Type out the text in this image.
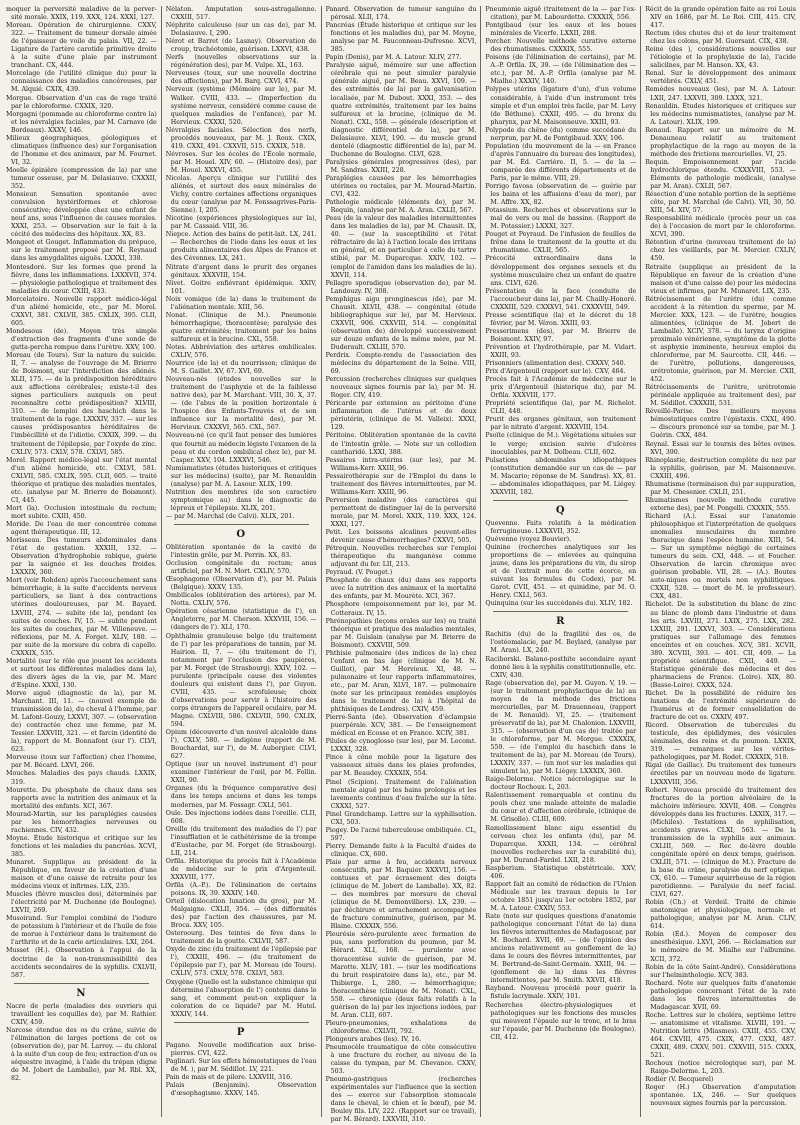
moquer la perversité maladive de la perver-sité morale. XXIX, 119. XXX, 124. XXXI, 127.

Moreau. Opération de chirurgienne. CXXV, 322. — Traitement de tumeur dorsale aimée de l'épaisseur de voile du palais. VII, 22. — Ligature de l'artère carotide primitive droite à la suite d'une plaie par instrument tranchant. CX, 444.

Morcelage (de l'utilité clinique du) pour la connaissance des maladies cancéreuses, par M. Alquié. CXIX, 439.

Morgue. Observation d'un cas de rage traité par le chloroforme. CXXIX, 320.

Morgagni (pommade au chloroforme contre la) et les névralgies faciales, par M. Carnave (de Bordeaux). XXXV, 146.

Milieux géographiques, géologiques et climatiques (influence des) sur l'organisation de l'homme et des animaux, par M. Fournet. VI, 32.

Moelle épinière (compression de la) par une tumeur osseuse, par M. Delasiauve. CXXXII, 352.

Monsieur. Sensation spontanée avec convulsion hystériformes et chlorose consécutive; développée chez une enfant de neuf ans, sous l'influence de causes morales. XXXI, 253. — Observation sur le fait à la cécité des médecins des hôpitaux. XX, 83.

Mongeot et Gouget. Inflammation du prépuce, sur le traitement proposé par M. Reynaud dans les amygdalites aiguës. LXXXI, 338.

Montesdoré. Sur les formes que prend la fièvre, dans les inflammations. LXXXVII, 374. — physiologie pathologique et traitement des maladies du cœur. CXIII, 433.

Morcelatoire. Nouvelle rapport médico-légal d'un aliéné homicide, etc., par M. Morel. CXXVI, 381. CXLVII, 385. CXLIX, 395. CLII, 605.

Mondesous (de). Moyen très simple d'extraction des fragments d'une sonde de gutta-percha rompue dans l'urètre. XXV, 100.

Moreau (de Tours). Sur la nature du suicide. II, 7. — analyse de l'ouvrage de M. Brierre de Boismont, sur l'interdiction des aliénés. XLII, 175. — de la prédisposition héréditaire aux affections cérébrales; existe-t-il des signes particuliers auxquels on peut reconnaître cette prédisposition? XLVIII, 310. — de lemploi des haschich dans le traitement de la rage. LXXXIV, 337. — sur les causes prédisposantes héréditaires de l'imbécillité et de l'idiotie. CXXIX, 399. — du traitement de l'épilepsie, par l'oxyde de zinc. CXLIV, 573. CXLV, 578. CXLVI, 585.

Morel. Rapport médico-légal sur l'état mental d'un aliéné homicide, etc. CXLVI, 581. CXLVII, 585. CXLIX, 595. CLII, 605. — traité théorique et pratique des maladies mentales, etc. (analyse par M. Brierre de Boismont). CI, 445.

Mort (la). Occlusion intestinale du rectum; mort subite. CXIII, 450.

Moride. De l'eau de mer concentrée comme agent thérapeutique. III, 12.

Morisseau. Des tumeurs abdominales dans l'état de gestation. XXXIII, 132. — Observation d'hydrophobie rabique, guérie par la saignée et les douches froides. LXXXIX, 360.

Mort (voir Rohden) après l'accouchement sans hémorrhagie, à la suite d'accidents nerveux particuliers, se liant à des contractions utérines douloureuses, par M. Bayard. LXVIII, 274. — subite (de la), pendant les suites de couches. IV, 15. — subite pendant les suites de couches, par M. Villeneuve. — réflexions, par M. A. Forget. XLIV, 180. — par suite de la morsure du cobra di capello. CXXXIX, 535.

Mortalité (sur le rôle que jouent les accidents et surtout les différentes maladies dans la), des divers âges de la vie, par M. Marc d'Espine. XXXI, 130.

Morve aiguë (diagnostic de la), par M. Marchant. III, 11. — (nouvel exemple de transmission de la), du cheval à l'homme, par M. Lafont-Gouzy, LXXVI, 307. — (observation de) contractée chez une femme, par M. Tessier. LXXVIII, 321. — et farcin (identité de la), rapport de M. Bonnafont (sur l'). CLVI, 623.

Morveuse (toux sur l'affection) chez l'homme, par M. Bécard. LXVI, 266.

Mouches. Maladies des pays chauds. LXXIX, 319.

Mourette. Du phosphate de chaux dans ses rapports avec la nutrition des animaux et la mortalité des enfants. XCI, 367.

Mourad-Martin, sur les paraplégies causées par les hémorrhagies nerveuses ou rachiennes. CIV, 432.

Moyne. Étude historique et critique sur les fonctions et les maladies du pancréas. XCVI, 385.

Munaret. Supplique au président de la République, en faveur de la création d'une maison et d'une caisse de retraite pour les médecins vieux et infirmes. LIX, 235.

Muscles (fièvre muscles des), déterminés par l'électricité par M. Duchenne (de Boulogne). LXVII, 269.

Musoirand. Sur l'emploi combiné de l'iodure de potassium à l'intérieur et de l'huile de foie de morue à l'extérieur dans le traitement de l'arthrite et de la carie articulaires. LXI, 264.

Musset (H.). Observation à l'appui de la doctrine de la non-transmissibilité des accidents secondaires de la syphilis. CXLVII, 587.

N

Nacre de perle (maladies des ouvriers qui travaillent les coquilles de), par M. Rathier. CXIV, 459.

Narcose étendue des os du crâne, suivie de l'élimination de larges portions de cet os (observation de), par M. Larrey. — du chloral à la suite d'un coup de feu; extraction d'un os séquestre invaginé, à l'aide du trépan (digne de M. Jobert de Lamballe), par M. Rbl. XX, 82.

Nélaton. Amputation sous-astragalienne. CXXIII, 517.

Néphrite calculeuse (sur un cas de), par M. Delasiauve. I, 290.

Nérot et Barret (de Lasnay). Observation de croup, trachéotomie, guérison. LXXVI, 438.

Nerfs (nouvelles observations sur la régénération des), par M. Vulpe. XL, 163.

Nerveuses (toux, sur une nouvelle doctrine des affections), par M. Barq. CXVI, 474.

Nerveux (système (Mémoire sur le), par M. Walker. CVIII, 433. — (Imperfection du système nerveux, considéré comme cause de quelques maladies de l'enfance), par M. Hervieux. CXXXI, 520.

Névralgies faciales. Sélection des nerfs, procédés nouveaux, par M. J. Roux. CXIX, 419. CXXI, 491. CXXVII, 515. CXXIX, 518.

Névroses. Sur les écoles de l'École normale, par M. Houel. XIV, 60. — (Histoire des), par M. Houel. XXXVI, 455.

Nicolas. Aperçu clinique sur l'utilité des aliénés, et surtout des eaux minérales de Vichy, contre certaines affections organiques du cœur (analyse par M. Fonssagrives-Paris-Sienne). I, 205.

Nicotine (expériences physiologiques sur la), par M. Cassaid. VIII, 36.

Niepce. Action des bains de petit-lait. LX, 241. — Recherches de l'iode dans les eaux et les produits alimentaires des Alpes de France et des Cévennes. LX, 241.

Nitrate d'argent dans le prurit des organes génitaux. XXXVIII, 154.

Nivet. Goitre enfiévrant épidémique. XXIV, 101.

Noix vomique (de la) dans le traitement de l'aliénation mentale. XIII, 56.

Nonat. (Clinique de M.). Pneumonie hémorrhagique, thoracentèse; paralysie des quatre extrémités; traitement par les bains sulfureux et la brucine. CXL, 558.

Notes. Abbréviation des artères ombilicales. CXLIV, 576.

Nourrice (de la) et du nourrisson; clinique de M. S. Gaillet. XV, 67. XVI, 69.

Nouveau-nés (études nouvelles sur le traitement de l'asphyxie et de la faiblesse native des), par M. Marchant. VIII, 30. X, 37. — (de l'abus de la position horizontale à l'hospice des Enfants-Trouvés et de son influence sur la mortalité des), par M. Hervieux. CXXXVI, 565. CXL, 567.

Nouveau-né (ce qu'il faut penser des lumières que fournit au médecin légiste l'examen de la peau et du cordon ombilical chez le), par M. Casper. XXV, 104. LXXXVI, 546.

Numismatistes (études historiques et critiques sur les médecins) (suite), par M. Renauldin (analyse) par M. A. Lasour. XLIX, 199.

Nutrition des membres (de son caractère symptomique au) dans le diagnostic de lépreux et l'épilepsie. XLIX, 201.

— par M. Marchal (de Calvi). XLIX, 201.

O

Oblitération spontanée de la cavité de l'intestin grêle, par M. Perrin. XX, 83.

Occlusion congénitale du rectum; anus artificiel, par M. N. Mort. CXLIV, 570.

Œsophagome (Observation d'), par M. Palais (Belgique). XXXV, 135.

Ombilicales (oblitération des artères), par M. Notta. CXLIV, 576.

Opération césarienne (statistique de l'), en Angleterre, par M. Cherson. XXXVIII, 156. — (dangers de l'). XLI, 170.

Ophthalmie granuleuse belge (du traitement de l') par les préparations de tannin, par M. Hairion. II, 7. — (du traitement de l'), notamment par l'occlusion des paupières, par M. Forget (de Strasbourg). XXIV, 102. — purulente (principale cause des violentes douleurs qui existent dans l'), par Guyon. CVIII, 435. — scrofuleuse; choix d'observations pour servir à l'histoire des corps étrangers de l'appareil oculaire, par M. Magne. CXLVIII, 586. CXLVIII, 590. CXLIX, 594.

Opium (découverte d'un nouvel alcaloïde dans l'), CXLV, 580. — indigène (rapport de M. Bouchardat, sur l'), de M. Aubergier. CLVI, 627.

Optique (sur un nouvel instrument d') pour examiner l'intérieur de l'œil, par M. Follin. XXII, 90.

Organes (du la fréquence comparative des) dans les temps anciens et dans les temps modernes, par M. Fossagr. CXLI, 561.

Ouïe. Des injections iodées dans l'oreille. CLII, 608.

Oreille (du traitement des maladies de l') par l'insufflation et le cathétérisme de la trompe d'Eustache, par M. Forget (de Strasbourg). LII, 214.

Orfila. Historique du procès fait à l'Académie de médecine sur le prix d'Argenteuil. XXXVIII, 177.

Orfila (A.-P.). De l'élimination de certains poisons. IX, 39. XXXIV, 140.

Orteil (dislocation luxation du gros), par M. Malgaigne. CXLII, 354. — (des difformités des) par l'action des chaussures, par M. Broca. XXV, 105.

Osteroourg. Des teintes de fève dans le traitement de la goutte. CXLVII, 587.

Oxyde de zinc (du traitement de l'épilepsie par l'), CXXIII, 496. — (du traitement de l'épilepsie par l'), par M. Moreau (de Tours). CXLIV, 573. CXLV, 578. CXLVI, 583.

Oxygène (Quelle est la substance chimique qui détermine l'absorption de l') contenu dans le sang, et comment peut-on expliquer la coloration de ce liquide? par M. Hutel. XXXIV, 144.

P

Pagano. Nouvelle modification aux brise-pierres. CVI, 422.

Paglinari. Sur les effets hémostatiques de l'eau de M. ), par M. Sédillot. LV, 221.

Pain de mais et de pilore. LXXVIII, 316.

Palais (Benjamin). Observation d'œsophagisme. XXXV, 145.

Panard. Observation de tumeur sanguine du pérosal. XLII, 174.

Pancréas (Étude historique et critique sur les fonctions et les maladies du), par M. Moyne, analyse par M. Fauconneau-Dufresne. XCVI, 385.

Papin (Denis), par M. A. Latour. XLIV, 277.

Paralysie aiguë, mémoire sur une affection cérébrale qui ne peut simuler paralysie générale aiguë, par M. Beau. XXVI, 109. — des extrémités (de la) par la galvanisation localisée, par M. Dubout. XXXI, 353. — des quatre extrémités, traitement par les bains sulfureux et la brucine, (clinique de M. Nonat). CXL, 558. — générale (description et diagnostic différentiel de la), par M. Delasiauve. XLVI, 190. — du muscle grand dentelé (diagnostic différentiel de la), par M. Duchenne de Boulogne. CLVI, 628.

Paralysies générales progressives (des), par M. Sandras. XXIII, 228.

Paraplégies causées par les hémorrhagies utérines ou rectales, par M. Mourad-Martin. CVI, 432.

Pathologie médicale (éléments de), par M. Requin, (analyse par M. A. Aran. CXLII, 567.

Peau (de la valeur des maladies intermittentes dans les maladies de la), par M. Chausit. IX, 40. — (sur la susceptibilité et l'état réfractaire de la) à l'action locale des irritans en général, et en particulier à celle du tartre stibié, par M. Duparcque. XXIV, 102. — (emploi de l'amidon dans les maladies de la). XXVII, 114.

Pellagre sporadique (observation de), par M. Landouzy. IV, 308.

Pemphigus aigu pronginescus (de), par M. Chausit. XLVII, 438. — congénital (étude bibliographique sur le), par M. Hervieux. CXXVII, 906. CXXVIII, 514. — congénital (observation de) développé successivement sur douze enfants de la même mère, par M. Duderault. CXLIII, 570.

Perdrix. Compte-rendu de l'association des médecins du département de la Seine. VIII, 69.

Percussion (recherches cliniques sur quelques nouveaux signes fournis par la), par M. H. Roger. CIV, 419.

Péricarde par extension au péritoine d'une inflammation de l'utérus et de deux périutérin, (clinique de M. Valleix). XXXI, 129.

Péritoine. Oblitération spontanée de la cavité de l'intestin grêle. — Note sur un collodion cantharidé. LXXI, 388.

Pessaires intra-utérins (sur les), par M. Williams-Kerr. XXIII, 96.

Pessairothérapie sur de l'Emploi du dans le traitement des fièvres intermittentes, par M. Williams-Kerr. XXIII, 96.

Perversion maladive (des caractères qui permettent de distinguer la) de la perversité morale, par M. Morel. XXIX, 119. XXX, 124. XXXI, 127.

Petit. Les boissons alcalines peuvent-elles devenir cause d'hémorrhagies? CXXVI, 505.

Pétrequin. Nouvelles recherches sur l'emploi thérapeutique du manganèse comme adjuvant du fer. LII, 213.

Peyraud. (V. Pouget.)

Phosphate de chaux (du) dans ses rapports avec la nutrition des animaux et la mortalité des enfants, par M. Mourète. XCI, 367.

Phosphore (empoisonnement par le), par M. Cotteraux. IV, 15.

Phrénopathies (leçons orales sur les) ou traité théorique et pratique des maladies mentales, par M. Guislain (analyse par M. Brierre de Boismont). CXXVIII, 509.

Phthisie pulmonaire (des indices de la) chez l'enfant en bas âge (clinique de M. N. Guillot), par M. Hervieux. XI, 48. — pulmonaire et leur rapports inflammatoires, etc., par M. Aran, XLVI, 187. — pulmonaire (note sur les principaux remèdes employés dans le traitement de la) à l'hôpital de phthisiques de Londres). CXIV, 459.

Pierre-Santa (de). Observation d'éclampsie puerpérale. XCV, 381. — De l'enseignement médical en Ecosse et en France. XCIV, 381.

Pilules de cynoglosse (sur les), par M. Lecomt. LXXXI, 328.

Pince à cône mobile pour la ligature des vaisseaux situés dans les plaies profondes, par M. Beaudey. CXXXIX, 554.

Pinel (Scipion). Traitement de l'aliénation mentale aiguë par les bains prolongés et les lavements continus d'eau fraîche sur la tête. CXXXI, 527.

Pinel Grandchamp. Lettre sur la syphilisation. CXI, 503.

Piogey. De l'acné tuberculeuse ombiliquée. CL, 597.

Pierry. Demande faite à la Faculté d'aides de clinique. CX, 600.

Plaie par arme à feu, accidents nerveux consécutifs, par M. Baquier. XXXVII, 156. — contuses et par écrasement des doigts (clinique de M. Jobert de Lamballe). XX, 82. — des membres par morsure de cheval (clinique de M. Demonvilliers). LX, 239. — par déchirure et arrachement accompagnée de fracture comminutive, guérison, par M. Blaine. CXXXIX, 556.

Pleurésie séro-purulente avec formation de pus, sans perforation du poumon, par M. Hérard. XLI, 168. — purulente avec thoracentèse suivie de guérison, par M. Marotte. XLIV, 181. — (sur les modifications du bruit respiratoire dans la), etc., par M. Thibierge. L, 280. — hémorrhagique; thoracenthèse (clinique de M. Nonat). CXL, 558. — chronique (deux faits relatifs à la guérison de la) par les injections iodées, par M. Aran. CLII, 607.

Pleuro-pneumonies, exhalations de chloroforme. CXLVII, 792.

Plongeurs arabes (les). IV, 16.

Pneumocèle traumatique de côte consécutive à une fracture du rocher, au niveau de la caisse du tympan, par M. Chevance. CXXV, 503.

Pneumo-gastriques (recherches expérimentales sur l'influence que la section des — exerce sur l'absorption stomacale dans le cheval, le chien et le bœuf), par M. Bouley fils. LIV, 222. (Rapport sur ce travail), par M. Bérard). LXXVIII, 310.

Pneumonie aiguë (traitement de la — par l'ex-citation), par M. Labourdette. CXXXIX, 556.

Pontgibaud (sur les eaux et les boues minérales de Vicerfe. LXXII, 288.

Porcher. Nouvelle méthode curative externe des rhumatismes. CXXXIX, 555.

Poisons (de l'élimination de certains), par M. A.-P. Orfila. IX, 39. — (de l'élimination des — etc.), par M. A.-P. Orfila (analyse par M. Mialhe.) XXXIV, 140.

Polypes utérins (ligature d'un), d'un volume considérable, à l'aide d'un instrument très simple et d'un emploi très facile, par M. Levy (de Béthune). CXXII, 495. — du bronx du pharynx, par M. Maisonneuve. XXIII, 93.

Polypode du chêne (du) comme succédané du nerprun, par M. de Pontgibaud. XXV, 106.

Population (du mouvement de la — en France d'après l'annuaire du bureau des longitudes), par M. Éd. Carrière. II, 5. — de la — comparée des différents départements et de Paris, par le même. VIII, 29.

Porrigo favosa (observation de — guérie par les bains et les affusions d'eau de mer), par M. Affre. XX, 82.

Potassium. Recherches et observations sur le mal de vers ou mal de bassine. (Rapport de M. Potassier.) LXXXI, 327.

Pouget et Peyraud. De l'infusion de feuilles de frêne dans le traitement de la goutte et du rhumatisme. CXLII, 565.

Précocité extraordinaire dans le développement des organes sexuels et du système musculaire chez un enfant de quatre ans. CLVI, 626.

Présentation de la face (conduite de l'accoucheur dans la), par M. Chailly-Honoré. CXXXIII, 529. CXXXVI, 541. CXXXVIII, 549.

Presse scientifique (la) et le décret du 18 février, par M. Véron. XXIII, 93.

Presserimens (des), par M. Brierre de Boismont. XXIV, 97.

Prévention et l'hydrothérapie, par M. Vidart. XXIII, 93.

Prisonniers (alimentation des). CXXXV, 540.

Prix d'Argenteuil (rapport sur le). CXV, 464.

Procès fait à l'Académie de médecine sur le prix d'Argenteuil (historique du), par M. Orfila. XXXVIII, 177.

Propriété scientifique (la), par M. Richelot. CLII, 448.

Prurit des organes génitaux, son traitement par le nitrate d'argent. XXXVIII, 154.

Psoïte (clinique de M.). Végétations situées sur le verge; excision suivie d'ulcères inoculables, par M. Dolbeau. CLII, 602.

Pulsations abdominales idiopathiques (constitution demandée sur un cas de — par M. Macario; réponse de M. Sandras). XX, 81. — abdominales idiopathiques, par M. Liégey. XXXVIII, 182.

Q

Quevenne. Faits relatifs à la médication ferrugineuse. LXXXVII, 352.

Quévenne (voyez Bouvier).

Quinine (recherches analytiques sur les proportions de — enlevées au quinquina jaune, dans les préparations du vin, du sirop et de l'extrait mou de cette écorce, en suivant les formules du Codex), par M. Garot. CVII, 451. — et quinidine, par M. O. Henry. CXLI, 563.

Quinquina (sur les succédanés du). XLIV, 182.

R

Rachitis (du) de la fragilité des os, de l'ostéomalacie, par M. Beylard, (analyse par M. Aran). LX, 240.

Raciborski. Balano-posthite secondaire ayant donné lieu à la syphilis constitutionnelle, etc. CXIV, 430.

Rage (observation de), par M. Guyon. V, 19. — (sur le traitement prophylactique de la) au moyen de la méthode des frictions mercurielles, par M. Drauenneau, (rapport de M. Renauld). VI, 25. — (traitement préservatif de la), par M. Chalonion. LXXVIII, 315. — (observation d'un cas de) traitée par le chloroforme, par M. Morgue. CXXXIX, 559. — (de l'emploi du haschich dans le traitement de la), par M. Moreau (de Tours). LXXXIV, 337. — (un mot sur les maladies qui simulent la), par M. Liégey. LXXXIX, 360.

Raige-Delorme. Notice nécrologique sur le docteur Rochoux. L, 203.

Ralentissement remarquable et continu du pouls chez une malade atteinte de maladie du cœur et d'affection cérébrale, (clinique de M. Grisolle). CLIII, 609.

Ramollissement blanc aigu essentiel du cerveau chez les enfants (du), par M. Duparcque. XXXII, 134. — cérébral (nouvelles recherches sur la curabilité du), par M. Durand-Fardel. LXII, 218.

Raspberium. Statistique obstétricale. XXV, 406.

Rapport fait au comité de rédaction de l'Union Médicale sur les travaux depuis le 1er octobre 1851 jusqu'au 1er octobre 1852, par M. A. Latour. CXXIV, 553.

Rate (note sur quelques questions d'anatomie pathologique concernant l'état de la) dans les fièvres intermittentes de Madagascar, par M. Bochard. XVII, 69. — (de l'opinion des anciens relativement au gonflement de la) dans le cours des fièvres intermittentes, par M. Bertrand-de-Saint-Germain. XXIII, 94. — (gonflement de la) dans les fièvres intermittentes, par M. Smith. XXVII, 418.

Rayband. Nouveau procédé pour guérir la fistule lacrymale. XXIV, 101.

Recherches électro-physiologiques et pathologiques sur les fonctions des muscles qui meuvent l'épaule sur le tronc, et le bras sur l'épaule, par M. Duchenne (de Boulogne). CII, 412.

Récit de la grande opération faite au roi Louis XIV en 1686, par M. Le Roi. CIII, 415. CIV, 417.

Rectum (des chutes du) et de leur traitement chez les colons, par M. Guersant. CIX, 438.

Reine (des ), considérations nouvelles sur l'étiologie et la prophylaxie de la), l'acide salicilnes, par M. Hanson. XX, 43.

Renal. Sur le développement des animaux vertébrés. CXLV, 451.

Remèdes nouveaux (les), par M. A. Latour. LXII, 247. LXXVII, 309. LXXX, 321.

Renauldin. Études historiques et critiques sur les médecins numismatistes, (analyse par M. A. Latour). XLIX, 199.

Renaud. Rapport sur un mémoire de M. Denauneau relatif au traitement prophylactique de la rage au moyen de la méthode des frictions mercurielles. VI, 25.

Requin. Empoisonnement par l'acide hydrochlorique étendu. CXXXVIII, 553. — Éléments de pathologie médicale, (analyse par M. Aran). CXLII, 567.

Résection d'une notable portion de la septième côte, par M. Marchal (de Calvi). VII, 30, 50. XIII, 54. XIV, 57.

Responsabilité médicale (procès pour un cas de) à l'occasion de mort par le chloroforme. XCVI, 390.

Rétention d'urine (nouveau traitement de la) chez les vieillards, par M. Mercier. CXLIV, 459.

Retraite (supplique au président de la République en faveur de la création d'une maison et d'une caisse de) pour les médecins vieux et infirmes, par M. Munaret. LIX, 235.

Rétrécissement de l'urètre (du) comme accident à la rétention du sperme, par M. Mercier. XXX, 123. — de l'urètre, bougies alimentées, (clinique de M. Jobert de Lamballe). XCIV, 378. — du larynx d'origine proximale vénérienne, symptôme de la glotte et asphyxie imminente, heureux emploi du chloroforme, par M. Saurcotte. CII, 446. — de l'urètre, pollutions, dangereuses, urétrotomie, guérison, par M. Mercier. CXII, 452.

Rétrécissements de l'urètre, urétrotomie périnéale appliquée au traitement des), par M. Sédillot. CXXXIII, 531.

Réveillé-Parise. Des meilleurs moyens hémostatiques contre l'épistaxis. CXXI, 490. — discours prononcé sur sa tombe, par M. J. Guérin. CXX, 484.

Reynal. Essai sur le tournis des bêtes ovines. XVI, 390.

Rhinoplastie, destruction complète du nez par la syphilis, guérison, par M. Maisonneuve. CXXIII, 496.

Rhumatisme (terminaison du) par suppuration, par M. Chesenier. CXLII, 251.

Rhumatismes (nouvelle méthode curative externe des), par M. Pongelli. CXXXIX, 555.

Richard (A.). Essai sur l'anatomie philosophique et l'interprétation de quelques anomalies musculaires du membre thoracique dans l'espèce humaine. XIII, 54. — Sur un symptôme négligé de certaines tumeurs du sein. CXI, 448. — et Foucher. Observation de larcin chronique avec guérison probable. VII, 28. — (A.). Boutes auto-niques ou mortels non syphilitiques. CXXII, 528. — (mort de M. le professeur). CXX, 481.

Richelot. De la substitution du blanc de zinc au blanc de plomb dans l'industrie et dans les arts. LXVIII, 271. LXIX, 275. LXX, 282. LXXIII, 291. LXXVI, 303. — Considérations pratiques sur l'allumage des femmes enceintes et en couches. XCV, 381. XCVII, 389. XCVIII, 393. — 401. CII, 409. — La propriété scientifique. CXII, 449. — Statistique générale des médecins et des pharmaciens de France. (Loire). XIX, 80. (Basse-Loire). CXXX, 524.

Richet. De la possibilité de réduire les luxations de l'extrémité supérieure de l'humérus et de former consolidation de fracture de cet os. CXXIV, 497.

Ricord. Observation de tubercules du testicule, des épididymes, des vésicules séminales, des reins et du poumon. LXXIX, 319. — remarques sur les vérites-pathologiques, par M. Rodet. CXXXIX, 518.

Rigal (de Gaillac). Du traitement des tumeurs érectiles par un nouveau mode de ligature. LXXXVIII, 356.

Robert. Nouveau procédé du traitement des fractures de la portion alvéolaire de la mâchoire inférieure. XXVII, 408. — Congrès développés dans les fractures. LXXIX, 317. — (Michiles). Testations de syphilisation, accidents graves. CLXI, 563. — De la transmission de la syphilis aux animaux. CXLIII, 569. — Rec de-lèvre double congénitale opéré en deux temps, guérison. CXLIII, 571. — (clinique de M.). Fracture de la base du crâne, paralysie du nerf optique. CX, 610. — Tumeur squirrheuse de la région parotidienne. — Paralysie du nerf facial. CLVI, 627.

Robin (Ch.) et Verdeil. Traité de chimie anatomique et physiologique, normale et pathologique, analyse par M. Aran. CLIV, 614.

Robin (Éd.). Moyen de composer des anesthésique. LXVI, 266. — Réclamation sur le mémoire de M. Mialhe sur l'albumine. XCII, 372.

Robin de la côte Saint-André). Considérations sur l'helminthologie. XCV, 383.

Rochard. Note sur quelques faits d'anatomie pathologique concernant l'état de la rate dans les fièvres intermittentes de Madagascar. XVII, 69.

Roche. Lettres sur le choléra, septième lettre — anatomisme et vitalisme. XLVIII, 191. — Nutrition lettre (Miasmes). CXIII, 455. CXV, 464. CXVIII, 475. CXIX, 477. CXXI, 487. CXXII, 489. CXXV, 501. CXXVIII, 515. CXXX, 521.

Rochoux (notice nécrologique sur), par M. Raige-Delorme. L, 203.

Rodier (V. Becquerel)

Roger (H.) Observation d'amputation spontanée. LX, 246. — Sur quelques nouveaux signes fournis par la percussion.
